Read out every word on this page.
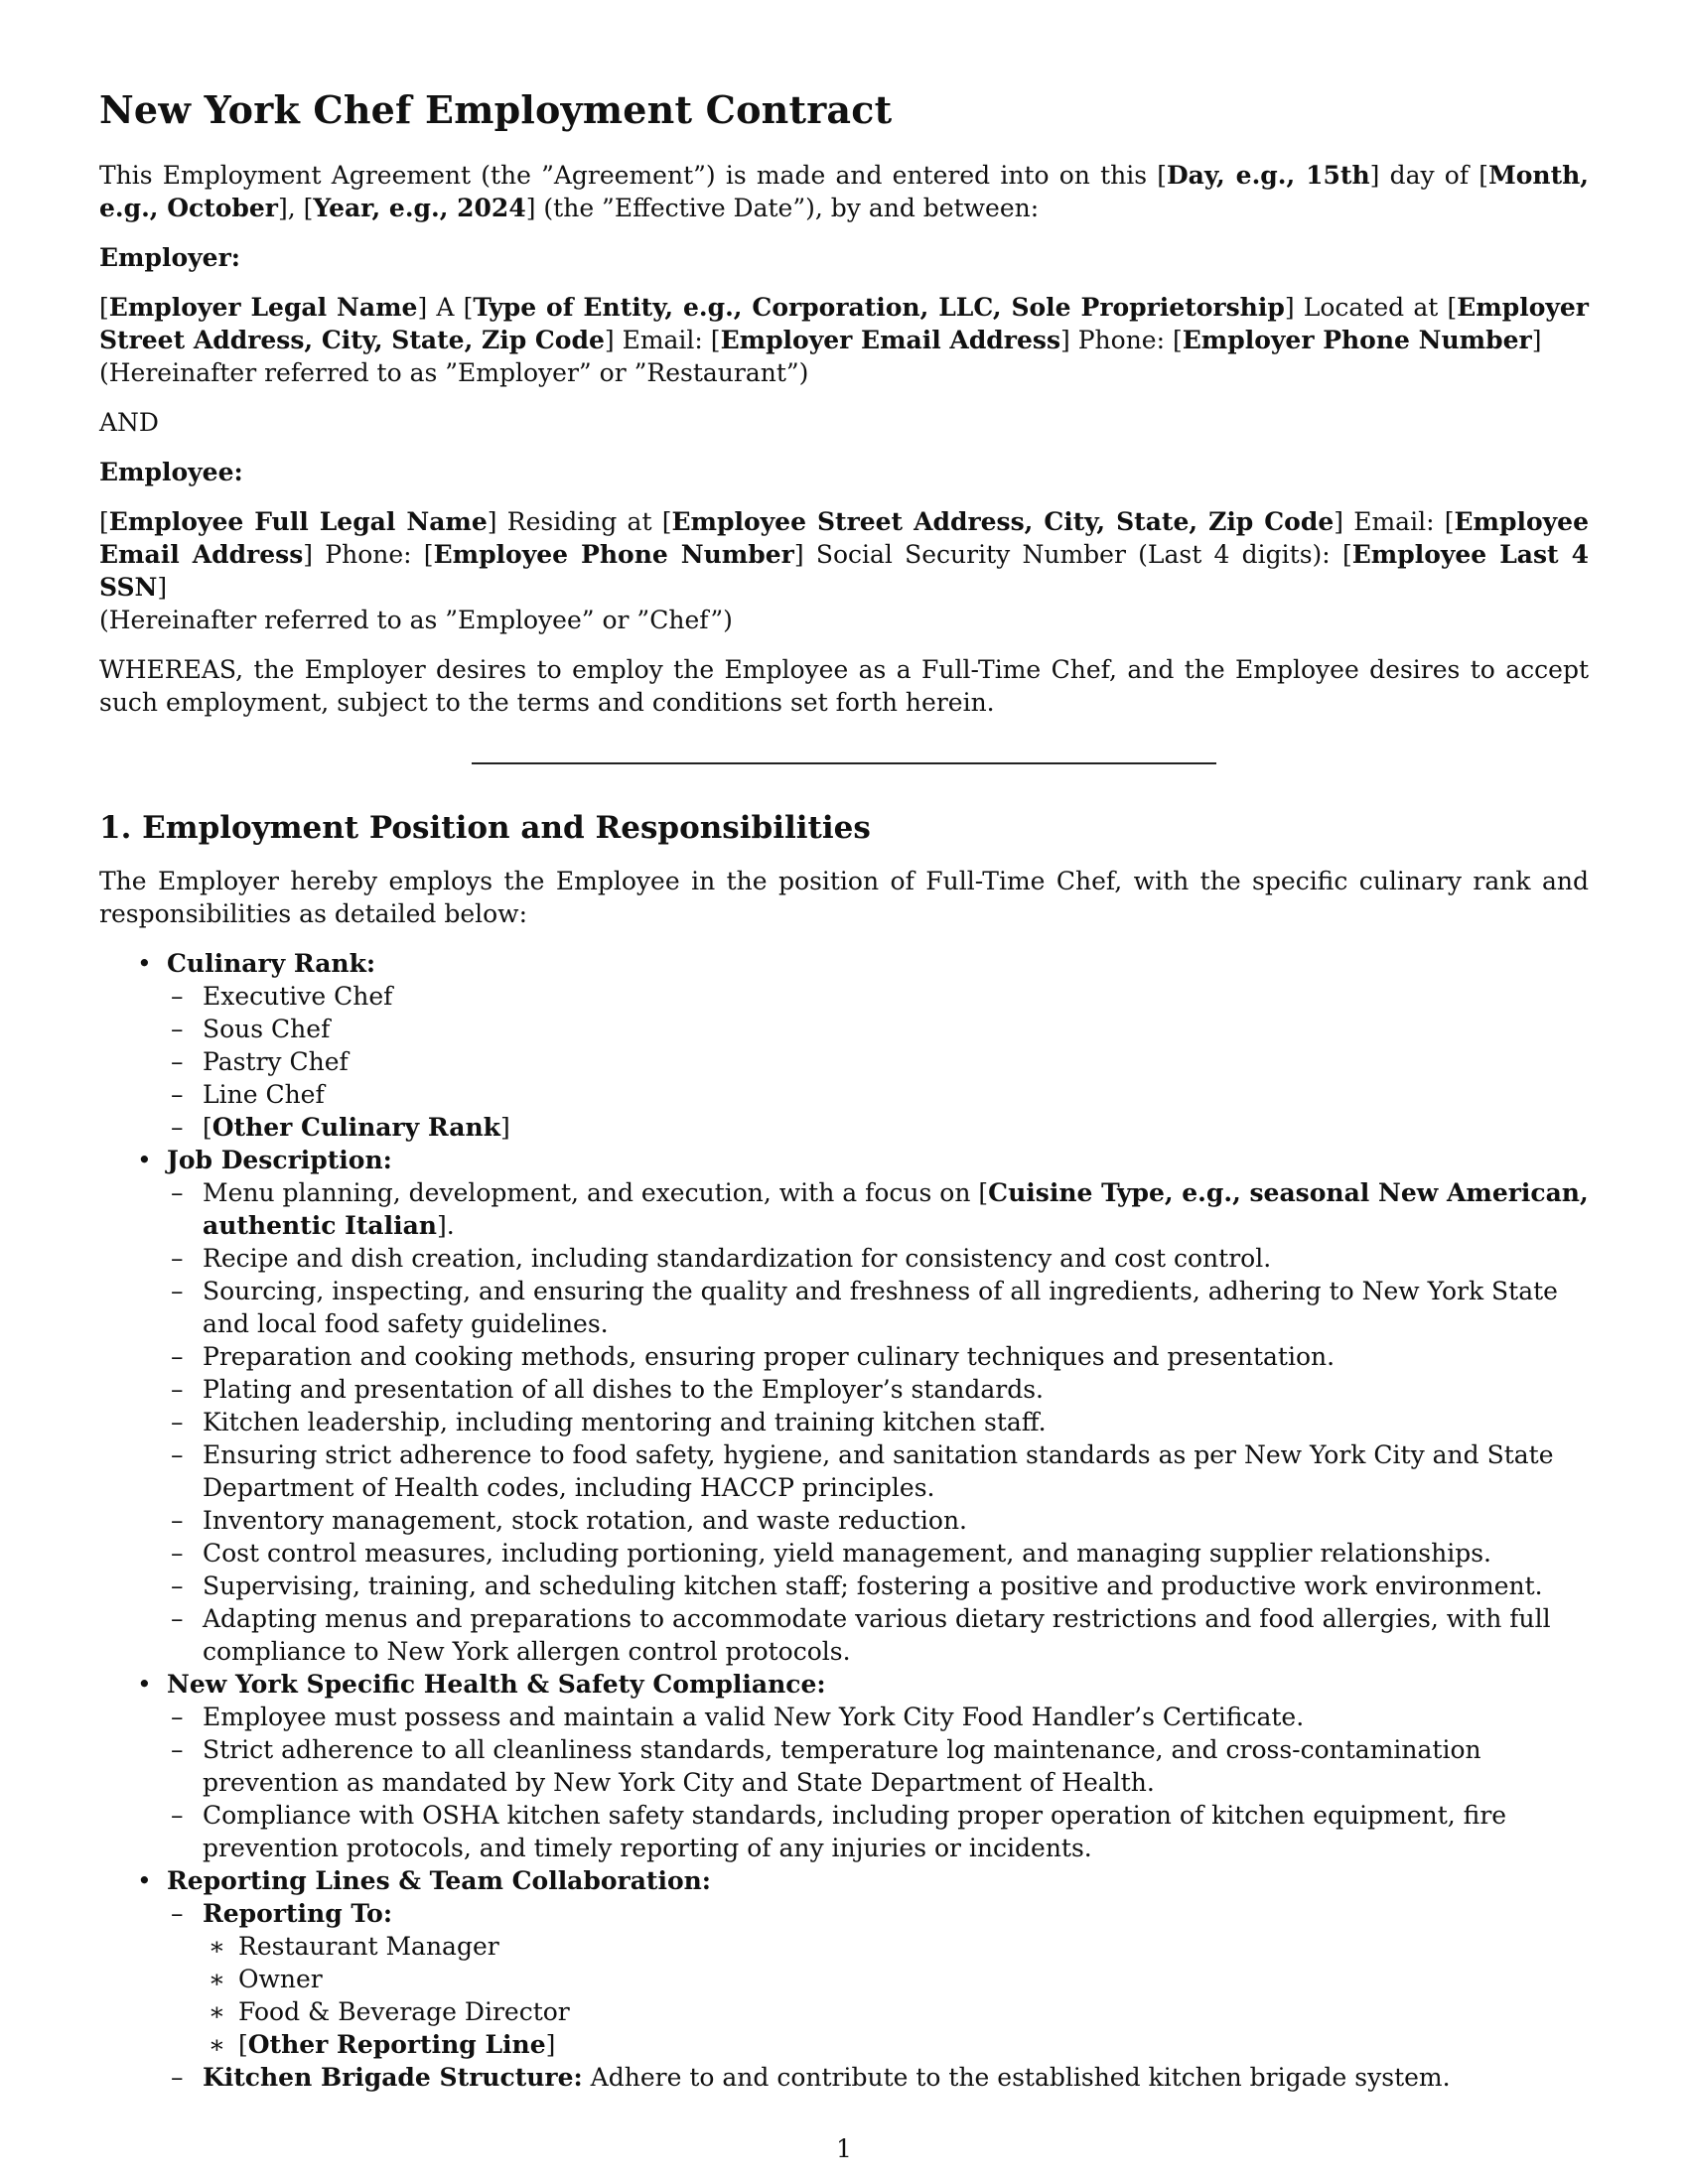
New York Chef Employment Contract

This Employment Agreement (the ”Agreement”) is made and entered into on this [Day, e.g., 15th] day of [Month, e.g., October], [Year, e.g., 2024] (the ”Effective Date”), by and between:

Employer:

[Employer Legal Name] A [Type of Entity, e.g., Corporation, LLC, Sole Proprietorship] Located at [Employer Street Address, City, State, Zip Code] Email: [Employer Email Address] Phone: [Employer Phone Number]
(Hereinafter referred to as ”Employer” or ”Restaurant”)

AND

Employee:

[Employee Full Legal Name] Residing at [Employee Street Address, City, State, Zip Code] Email: [Employee Email Address] Phone: [Employee Phone Number] Social Security Number (Last 4 digits): [Employee Last 4 SSN]
(Hereinafter referred to as ”Employee” or ”Chef”)

WHEREAS, the Employer desires to employ the Employee as a Full-Time Chef, and the Employee desires to accept such employment, subject to the terms and conditions set forth herein.

1. Employment Position and Responsibilities

The Employer hereby employs the Employee in the position of Full-Time Chef, with the specific culinary rank and responsibilities as detailed below:

• Culinary Rank:
– Executive Chef
– Sous Chef
– Pastry Chef
– Line Chef
– [Other Culinary Rank]
• Job Description:
– Menu planning, development, and execution, with a focus on [Cuisine Type, e.g., seasonal New American, authentic Italian].
– Recipe and dish creation, including standardization for consistency and cost control.
– Sourcing, inspecting, and ensuring the quality and freshness of all ingredients, adhering to New York State and local food safety guidelines.
– Preparation and cooking methods, ensuring proper culinary techniques and presentation.
– Plating and presentation of all dishes to the Employer’s standards.
– Kitchen leadership, including mentoring and training kitchen staff.
– Ensuring strict adherence to food safety, hygiene, and sanitation standards as per New York City and State Department of Health codes, including HACCP principles.
– Inventory management, stock rotation, and waste reduction.
– Cost control measures, including portioning, yield management, and managing supplier relationships.
– Supervising, training, and scheduling kitchen staff; fostering a positive and productive work environment.
– Adapting menus and preparations to accommodate various dietary restrictions and food allergies, with full compliance to New York allergen control protocols.
• New York Specific Health & Safety Compliance:
– Employee must possess and maintain a valid New York City Food Handler’s Certificate.
– Strict adherence to all cleanliness standards, temperature log maintenance, and cross-contamination prevention as mandated by New York City and State Department of Health.
– Compliance with OSHA kitchen safety standards, including proper operation of kitchen equipment, fire prevention protocols, and timely reporting of any injuries or incidents.
• Reporting Lines & Team Collaboration:
– Reporting To:
∗ Restaurant Manager
∗ Owner
∗ Food & Beverage Director
∗ [Other Reporting Line]
– Kitchen Brigade Structure: Adhere to and contribute to the established kitchen brigade system.
1
